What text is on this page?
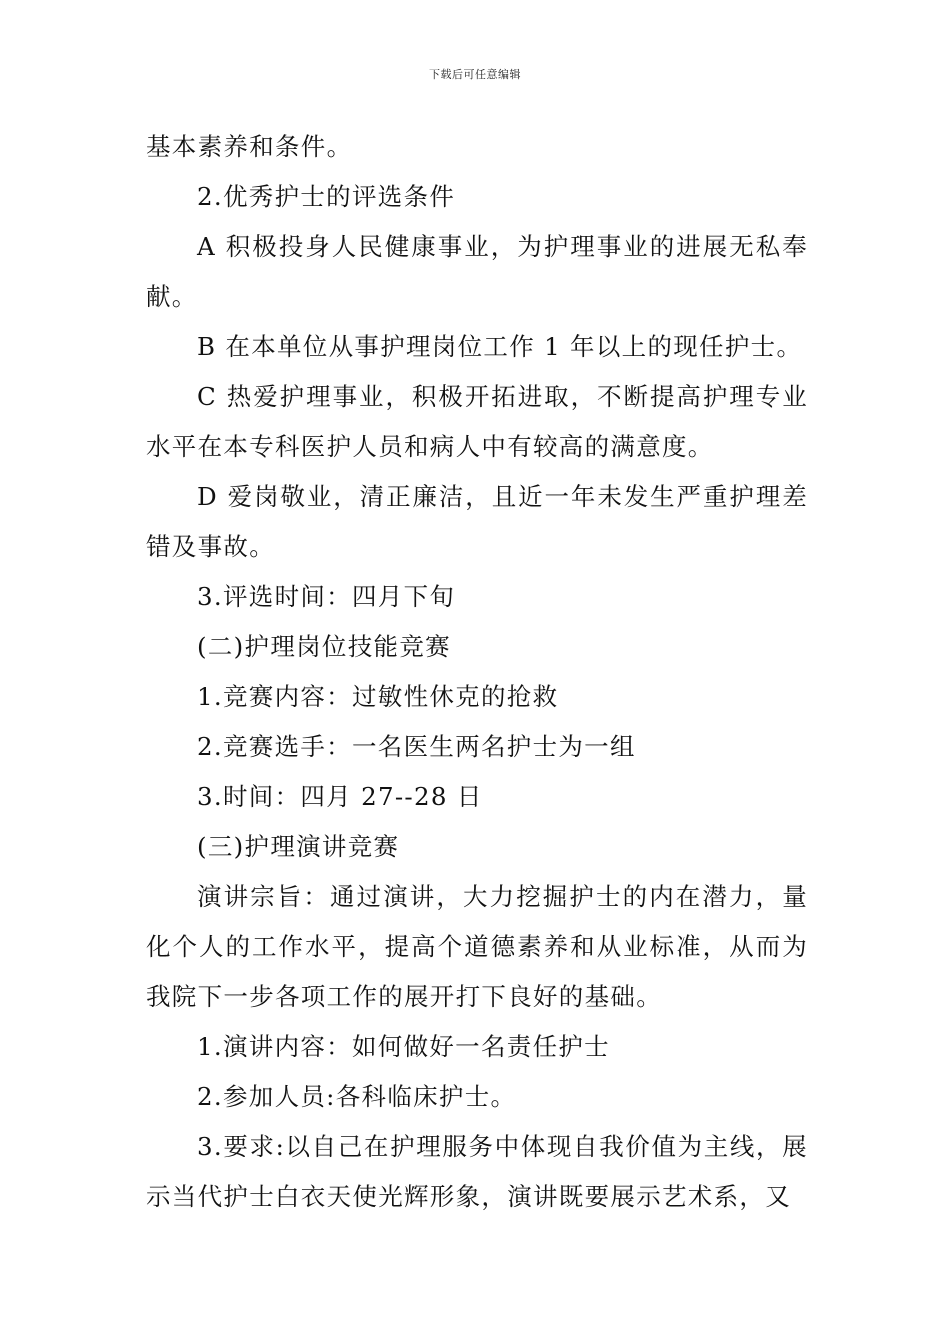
下载后可任意编辑

基本素养和条件。

2.优秀护士的评选条件

A 积极投身人民健康事业，为护理事业的进展无私奉献。

B 在本单位从事护理岗位工作 1 年以上的现任护士。

C 热爱护理事业，积极开拓进取，不断提高护理专业水平在本专科医护人员和病人中有较高的满意度。

D 爱岗敬业，清正廉洁，且近一年未发生严重护理差错及事故。

3.评选时间：四月下旬

(二)护理岗位技能竞赛

1.竞赛内容：过敏性休克的抢救

2.竞赛选手：一名医生两名护士为一组

3.时间：四月 27--28 日

(三)护理演讲竞赛

演讲宗旨：通过演讲，大力挖掘护士的内在潜力，量化个人的工作水平，提高个道德素养和从业标准，从而为我院下一步各项工作的展开打下良好的基础。

1.演讲内容：如何做好一名责任护士

2.参加人员:各科临床护士。

3.要求:以自己在护理服务中体现自我价值为主线，展示当代护士白衣天使光辉形象，演讲既要展示艺术系，又
